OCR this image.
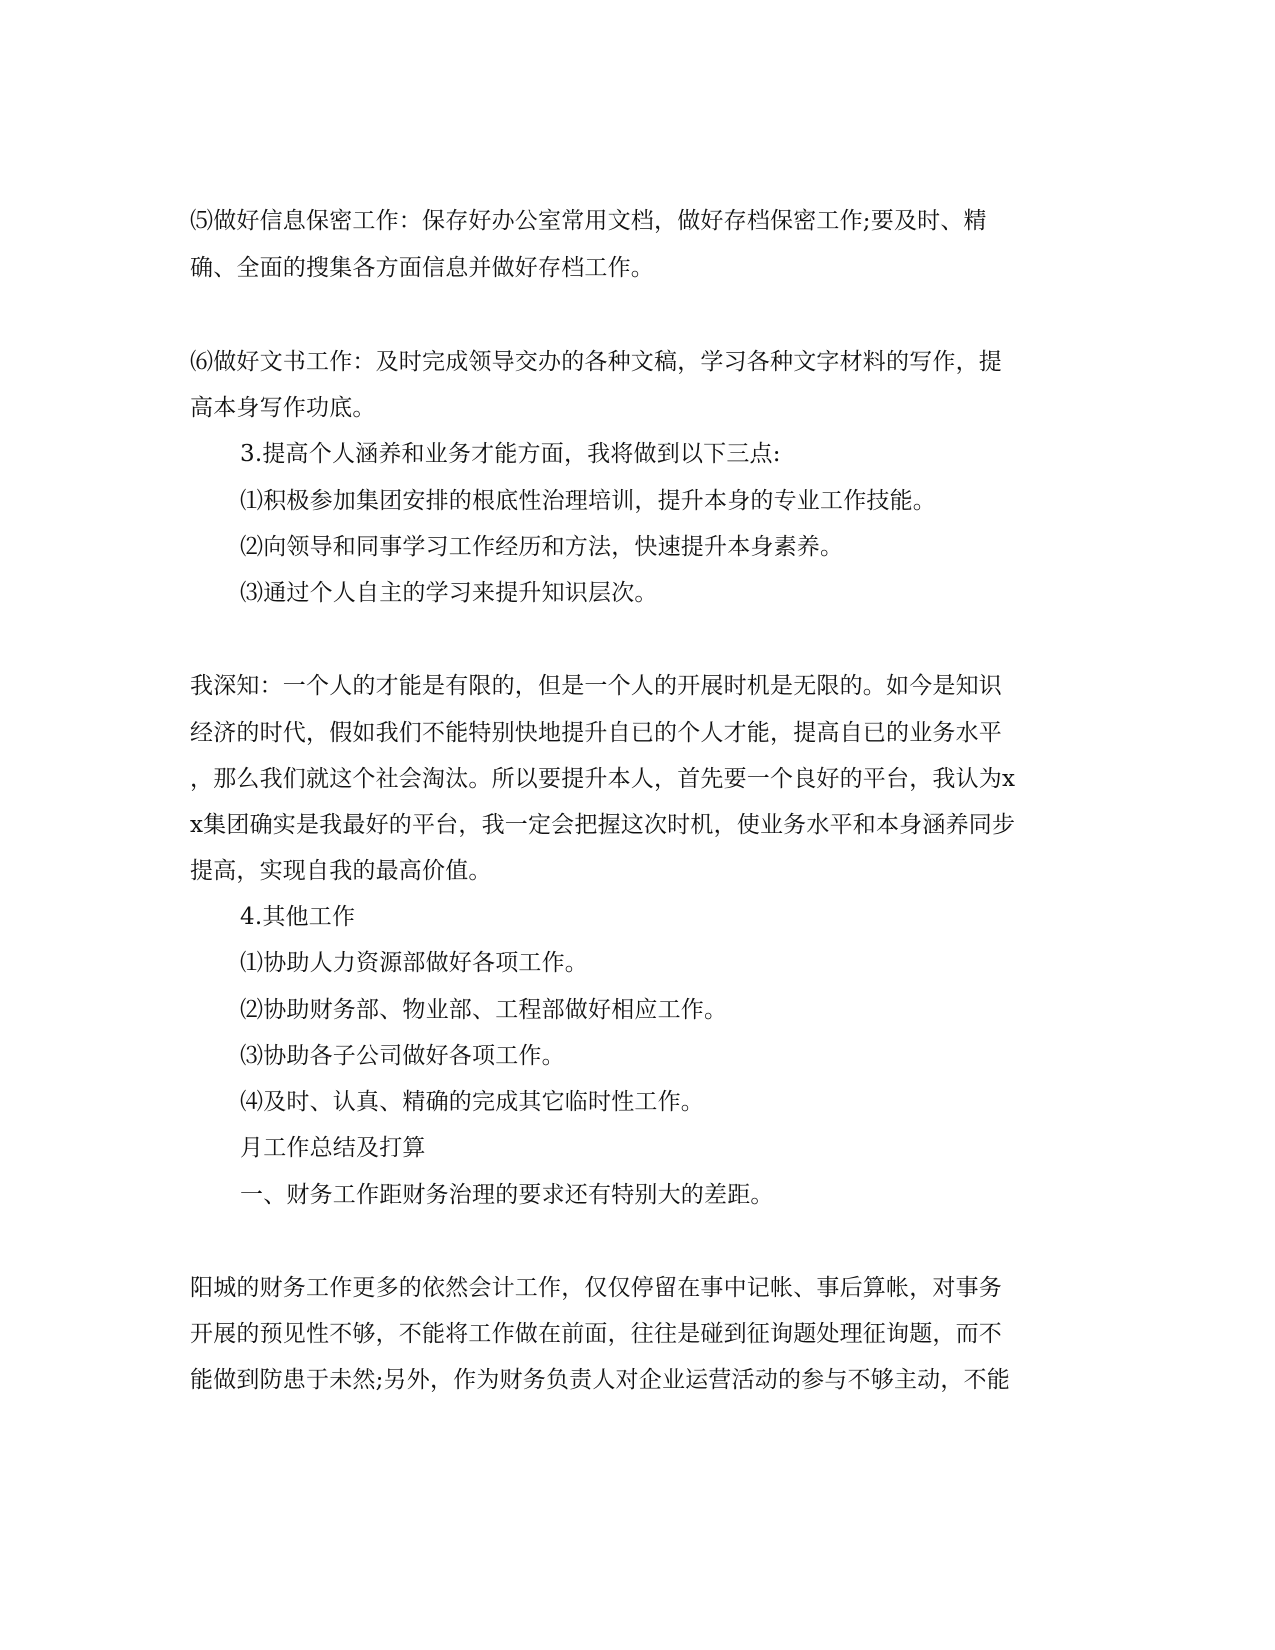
⑸做好信息保密工作：保存好办公室常用文档，做好存档保密工作;要及时、精
确、全面的搜集各方面信息并做好存档工作。
⑹做好文书工作：及时完成领导交办的各种文稿，学习各种文字材料的写作，提
高本身写作功底。
3.提高个人涵养和业务才能方面，我将做到以下三点:
⑴积极参加集团安排的根底性治理培训，提升本身的专业工作技能。
⑵向领导和同事学习工作经历和方法，快速提升本身素养。
⑶通过个人自主的学习来提升知识层次。
我深知：一个人的才能是有限的，但是一个人的开展时机是无限的。如今是知识
经济的时代，假如我们不能特别快地提升自已的个人才能，提高自已的业务水平
，那么我们就这个社会淘汰。所以要提升本人，首先要一个良好的平台，我认为x
x集团确实是我最好的平台，我一定会把握这次时机，使业务水平和本身涵养同步
提高，实现自我的最高价值。
4.其他工作
⑴协助人力资源部做好各项工作。
⑵协助财务部、物业部、工程部做好相应工作。
⑶协助各子公司做好各项工作。
⑷及时、认真、精确的完成其它临时性工作。
月工作总结及打算
一、财务工作距财务治理的要求还有特别大的差距。
阳城的财务工作更多的依然会计工作，仅仅停留在事中记帐、事后算帐，对事务
开展的预见性不够，不能将工作做在前面，往往是碰到征询题处理征询题，而不
能做到防患于未然;另外，作为财务负责人对企业运营活动的参与不够主动，不能
